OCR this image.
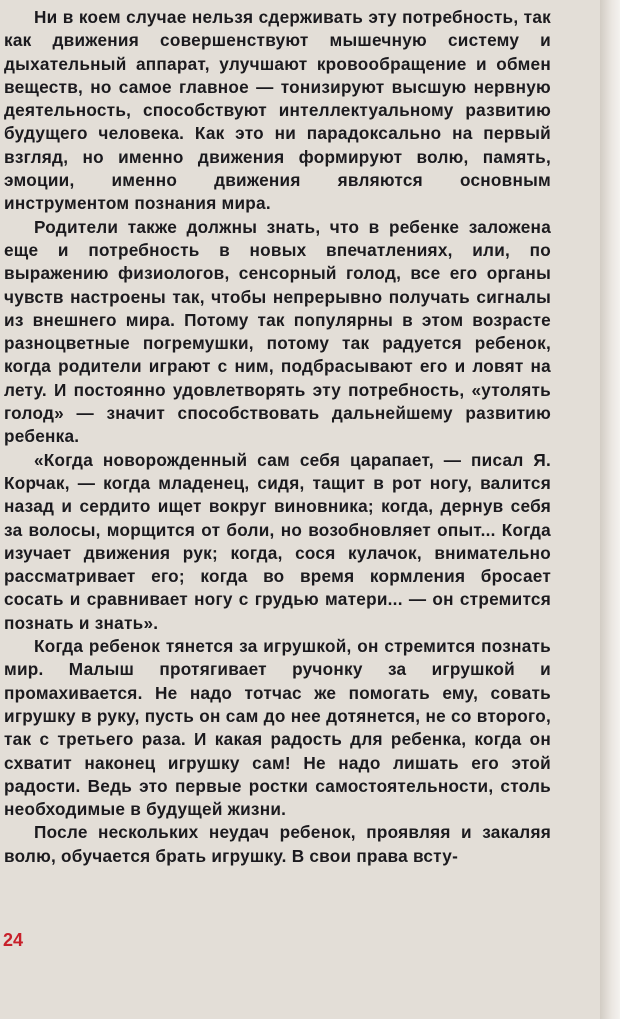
Ни в коем случае нельзя сдерживать эту потребность, так как движения совершенствуют мышечную систему и дыхательный аппарат, улучшают кровообращение и обмен веществ, но самое главное — тонизируют высшую нервную деятельность, способствуют интеллектуальному развитию будущего человека. Как это ни парадоксально на первый взгляд, но именно движения формируют волю, память, эмоции, именно движения являются основным инструментом познания мира.

Родители также должны знать, что в ребенке заложена еще и потребность в новых впечатлениях, или, по выражению физиологов, сенсорный голод, все его органы чувств настроены так, чтобы непрерывно получать сигналы из внешнего мира. Потому так популярны в этом возрасте разноцветные погремушки, потому так радуется ребенок, когда родители играют с ним, подбрасывают его и ловят на лету. И постоянно удовлетворять эту потребность, «утолять голод» — значит способствовать дальнейшему развитию ребенка.

«Когда новорожденный сам себя царапает, — писал Я. Корчак, — когда младенец, сидя, тащит в рот ногу, валится назад и сердито ищет вокруг виновника; когда, дернув себя за волосы, морщится от боли, но возобновляет опыт... Когда изучает движения рук; когда, сося кулачок, внимательно рассматривает его; когда во время кормления бросает сосать и сравнивает ногу с грудью матери... — он стремится познать и знать».

Когда ребенок тянется за игрушкой, он стремится познать мир. Малыш протягивает ручонку за игрушкой и промахивается. Не надо тотчас же помогать ему, совать игрушку в руку, пусть он сам до нее дотянется, не со второго, так с третьего раза. И какая радость для ребенка, когда он схватит наконец игрушку сам! Не надо лишать его этой радости. Ведь это первые ростки самостоятельности, столь необходимые в будущей жизни.

После нескольких неудач ребенок, проявляя и закаляя волю, обучается брать игрушку. В свои права всту-

24
